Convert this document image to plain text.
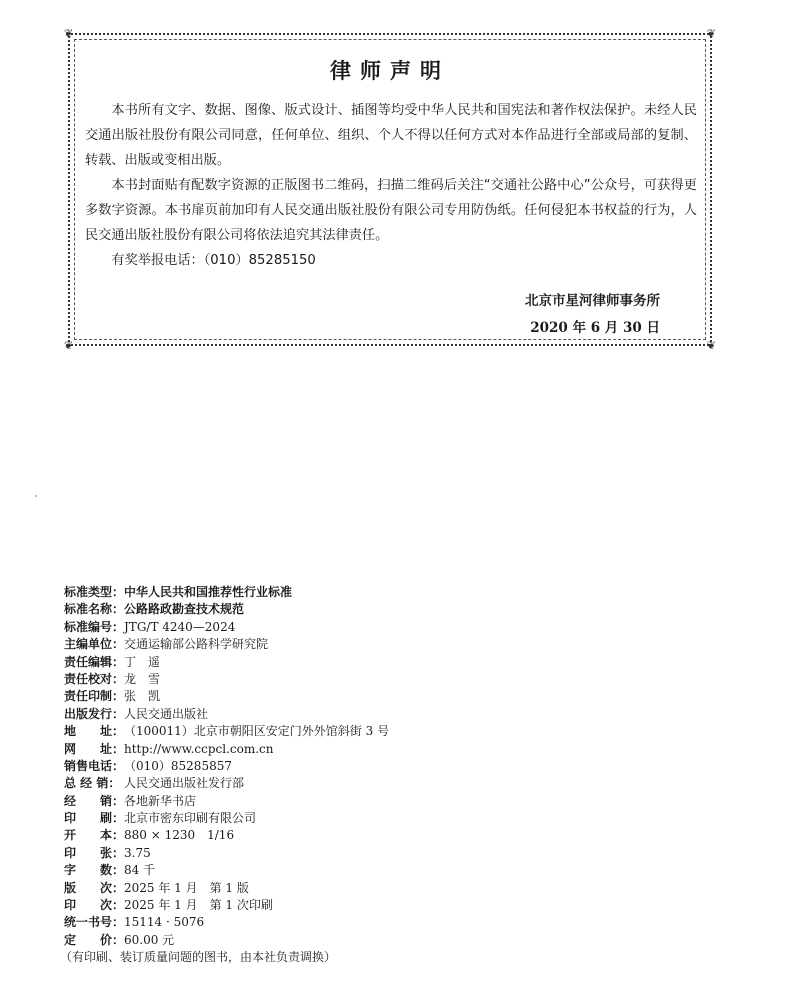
❦	❦
❦	❦
律师声明

本书所有文字、数据、图像、版式设计、插图等均受中华人民共和国宪法和著作权法保护。未经人民交通出版社股份有限公司同意，任何单位、组织、个人不得以任何方式对本作品进行全部或局部的复制、转载、出版或变相出版。

本书封面贴有配数字资源的正版图书二维码，扫描二维码后关注“交通社公路中心”公众号，可获得更多数字资源。本书扉页前加印有人民交通出版社股份有限公司专用防伪纸。任何侵犯本书权益的行为，人民交通出版社股份有限公司将依法追究其法律责任。

有奖举报电话：（010）85285150

北京市星河律师事务所
2020 年 6 月 30 日
标准类型： 中华人民共和国推荐性行业标准
标准名称： 公路路政勘查技术规范
标准编号： JTG/T 4240—2024
主编单位： 交通运输部公路科学研究院
责任编辑： 丁　遥
责任校对： 龙　雪
责任印制： 张　凯
出版发行： 人民交通出版社
地　　址： （100011）北京市朝阳区安定门外外馆斜街 3 号
网　　址： http://www.ccpcl.com.cn
销售电话： （010）85285857
总 经 销： 人民交通出版社发行部
经　　销： 各地新华书店
印　　刷： 北京市密东印刷有限公司
开　　本： 880 × 1230　1/16
印　　张： 3.75
字　　数： 84 千
版　　次： 2025 年 1 月　第 1 版
印　　次： 2025 年 1 月　第 1 次印刷
统一书号： 15114 · 5076
定　　价： 60.00 元
（有印刷、装订质量问题的图书，由本社负责调换）
